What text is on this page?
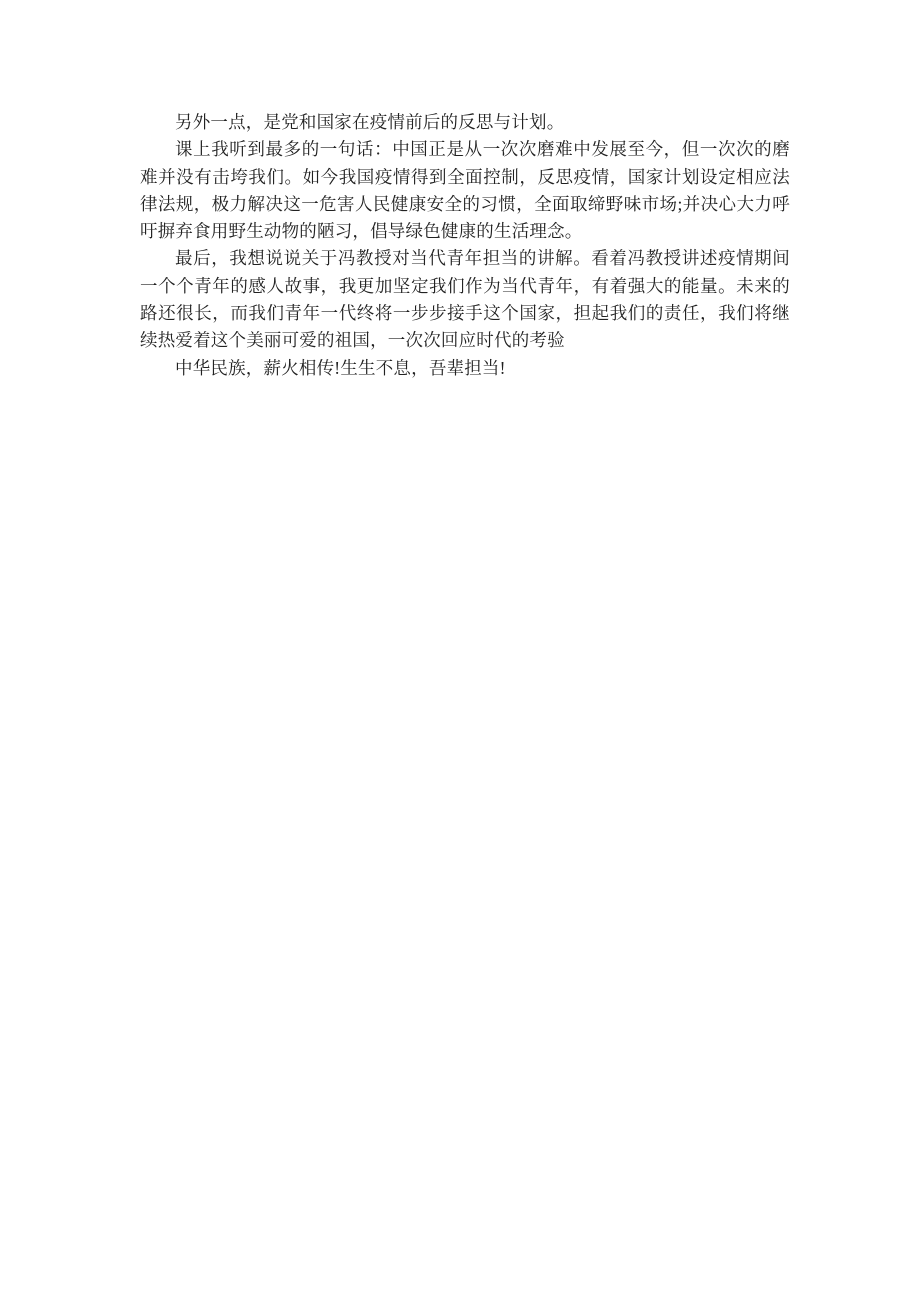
另外一点，是党和国家在疫情前后的反思与计划。

课上我听到最多的一句话：中国正是从一次次磨难中发展至今，但一次次的磨难并没有击垮我们。如今我国疫情得到全面控制，反思疫情，国家计划设定相应法律法规，极力解决这一危害人民健康安全的习惯，全面取缔野味市场;并决心大力呼吁摒弃食用野生动物的陋习，倡导绿色健康的生活理念。

最后，我想说说关于冯教授对当代青年担当的讲解。看着冯教授讲述疫情期间一个个青年的感人故事，我更加坚定我们作为当代青年，有着强大的能量。未来的路还很长，而我们青年一代终将一步步接手这个国家，担起我们的责任，我们将继续热爱着这个美丽可爱的祖国，一次次回应时代的考验

中华民族，薪火相传!生生不息，吾辈担当!
